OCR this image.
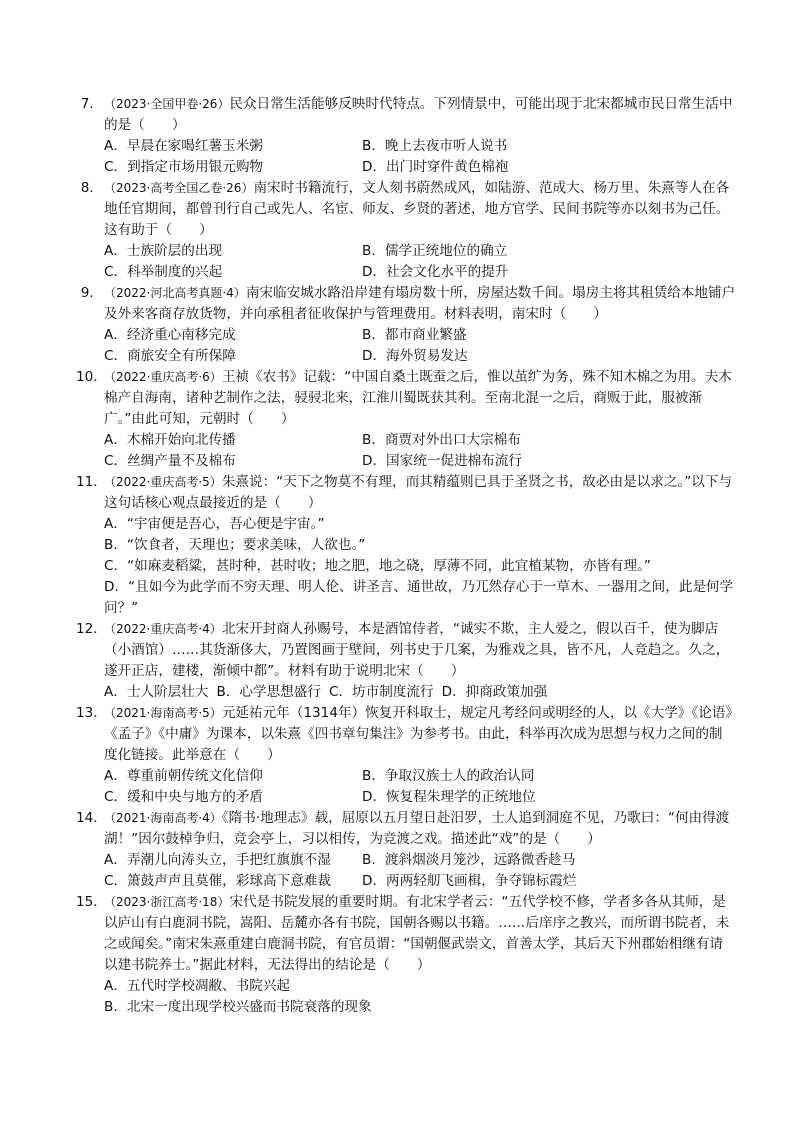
7． （2023·全国甲卷·26）民众日常生活能够反映时代特点。下列情景中，可能出现于北宋都城市民日常生活中的是（　　）
A．早晨在家喝红薯玉米粥	B．晚上去夜市听人说书
C．到指定市场用银元购物	D．出门时穿件黄色棉袍
8． （2023·高考全国乙卷·26）南宋时书籍流行，文人刻书蔚然成风，如陆游、范成大、杨万里、朱熹等人在各地任官期间，都曾刊行自己或先人、名宦、师友、乡贤的著述，地方官学、民间书院等亦以刻书为己任。这有助于（　　）
A．士族阶层的出现	B．儒学正统地位的确立
C．科举制度的兴起	D．社会文化水平的提升
9． （2022·河北高考真题·4）南宋临安城水路沿岸建有塌房数十所，房屋达数千间。塌房主将其租赁给本地铺户及外来客商存放货物，并向承租者征收保护与管理费用。材料表明，南宋时（　　）
A．经济重心南移完成	B．都市商业繁盛
C．商旅安全有所保障	D．海外贸易发达
10．
（2022·重庆高考·6）王祯《农书》记载：“中国自桑土既蚕之后，惟以茧纩为务，殊不知木棉之为用。夫木棉产自海南，诸种艺制作之法，骎骎北来，江淮川蜀既获其利。至南北混一之后，商贩于此，服被渐广。”由此可知，元朝时（　　）
A．木棉开始向北传播	B．商贾对外出口大宗棉布
C．丝绸产量不及棉布	D．国家统一促进棉布流行
11．
（2022·重庆高考·5）朱熹说：“天下之物莫不有理，而其精蕴则已具于圣贤之书，故必由是以求之。”以下与这句话核心观点最接近的是（　　）
A．“宇宙便是吾心，吾心便是宇宙。”
B．“饮食者，天理也；要求美味，人欲也。”
C．“如麻麦稻粱，甚时种，甚时收；地之肥，地之硗，厚薄不同，此宜植某物，亦皆有理。”
D．“且如今为此学而不穷天理、明人伦、讲圣言、通世故，乃兀然存心于一草木、一器用之间，此是何学问？”
12．
（2022·重庆高考·4）北宋开封商人孙赐号，本是酒馆侍者，“诚实不欺，主人爱之，假以百千，使为脚店（小酒馆）……其货渐侈大，乃置图画于壁间，列书史于几案，为雅戏之具，皆不凡，人竞趋之。久之，遂开正店，建楼，渐倾中都”。材料有助于说明北宋（　　）
A．士人阶层壮大 B．心学思想盛行 C．坊市制度流行 D．抑商政策加强
13．
（2021·海南高考·5）元延祐元年（1314年）恢复开科取士，规定凡考经问或明经的人，以《大学》《论语》《孟子》《中庸》为课本，以朱熹《四书章句集注》为参考书。由此，科举再次成为思想与权力之间的制度化链接。此举意在（　　）
A．尊重前朝传统文化信仰	B．争取汉族士人的政治认同
C．缓和中央与地方的矛盾	D．恢复程朱理学的正统地位
14．
（2021·海南高考·4）《隋书·地理志》载，屈原以五月望日赴汨罗，士人追到洞庭不见，乃歌曰：“何由得渡湖！”因尔鼓棹争归，竞会亭上，习以相传，为竞渡之戏。描述此“戏”的是（　　）
A．弄潮儿向涛头立，手把红旗旗不湿	B．渡斜烟淡月笼沙，远路微香趁马
C．箫鼓声声且莫催，彩球高下意难裁	D．两两轻舠飞画楫，争夺锦标霞烂
15．
（2023·浙江高考·18）宋代是书院发展的重要时期。有北宋学者云：“五代学校不修，学者多各从其师，是以庐山有白鹿洞书院，嵩阳、岳麓亦各有书院，国朝各赐以书籍。……后庠序之教兴，而所谓书院者，未之或闻矣。”南宋朱熹重建白鹿洞书院，有官员谓：“国朝偃武崇文，首善太学，其后天下州郡始相继有请以建书院养士。”据此材料，无法得出的结论是（　　）
A．五代时学校凋敝、书院兴起
B．北宋一度出现学校兴盛而书院衰落的现象
